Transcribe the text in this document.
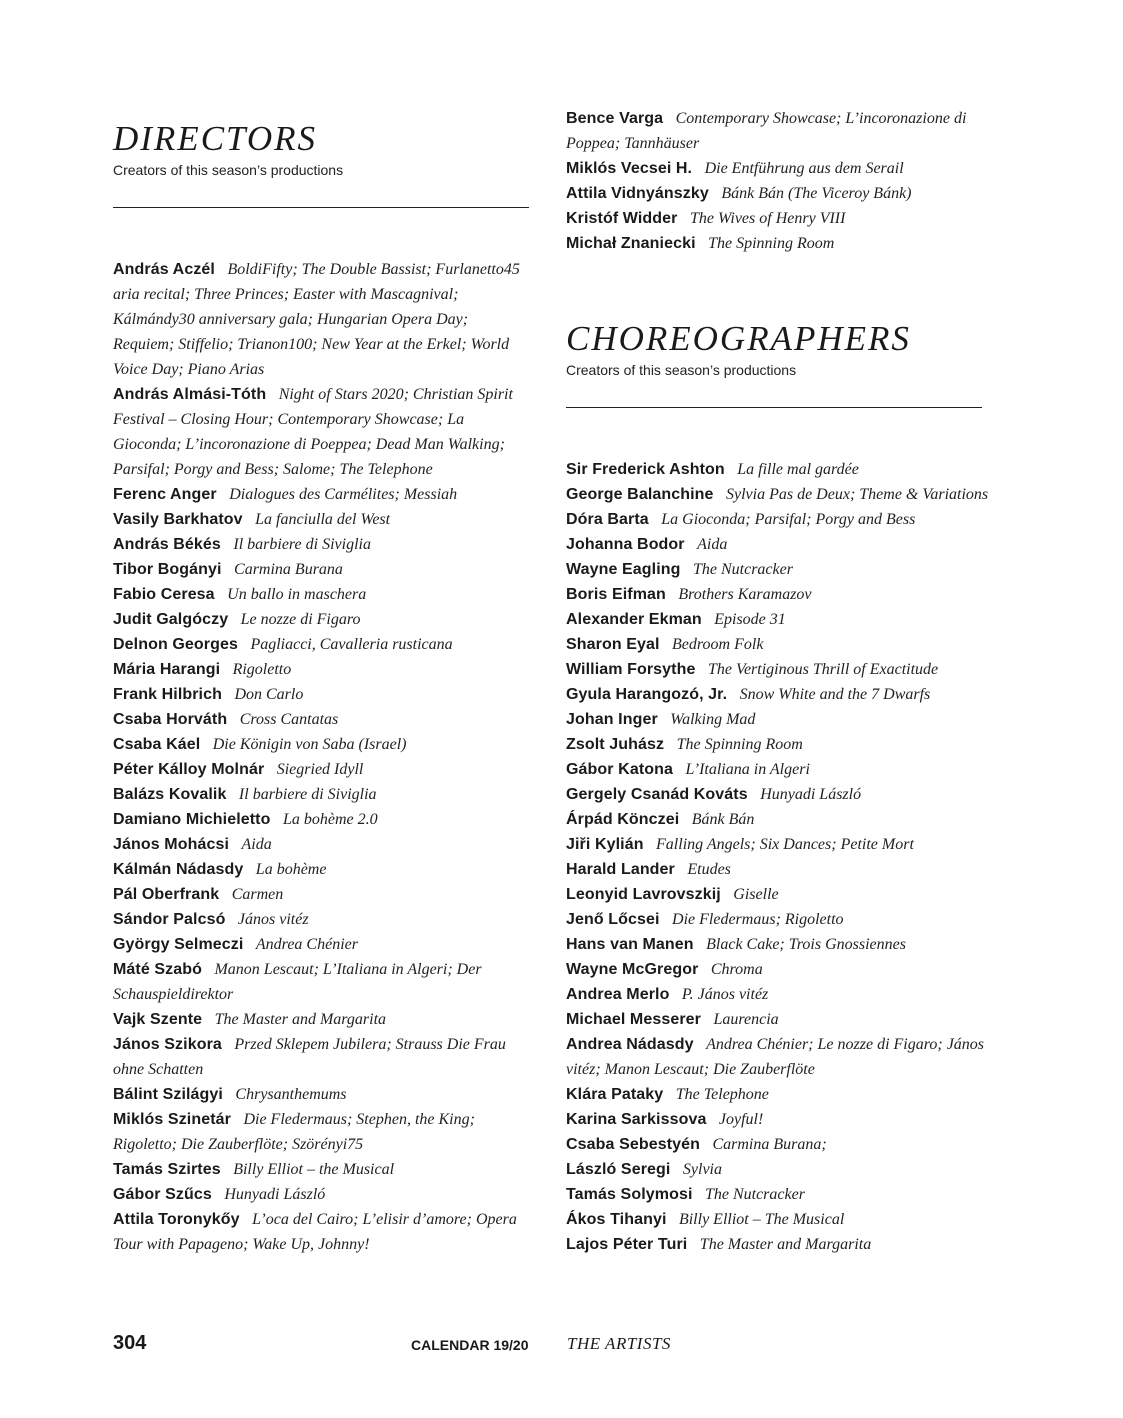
DIRECTORS
Creators of this season’s productions

András Aczél  BoldiFifty; The Double Bassist; Furlanetto45 aria recital; Three Princes; Easter with Mascagnival; Kálmándy30 anniversary gala; Hungarian Opera Day; Requiem; Stiffelio; Trianon100; New Year at the Erkel; World Voice Day; Piano Arias

András Almási-Tóth  Night of Stars 2020; Christian Spirit Festival – Closing Hour; Contemporary Showcase; La Gioconda; L’incoronazione di Poeppea; Dead Man Walking; Parsifal; Porgy and Bess; Salome; The Telephone

Ferenc Anger  Dialogues des Carmélites; Messiah

Vasily Barkhatov  La fanciulla del West

András Békés  Il barbiere di Siviglia

Tibor Bogányi  Carmina Burana

Fabio Ceresa  Un ballo in maschera

Judit Galgóczy  Le nozze di Figaro

Delnon Georges  Pagliacci, Cavalleria rusticana

Mária Harangi  Rigoletto

Frank Hilbrich  Don Carlo

Csaba Horváth  Cross Cantatas

Csaba Káel  Die Königin von Saba (Israel)

Péter Kálloy Molnár  Siegried Idyll

Balázs Kovalik  Il barbiere di Siviglia

Damiano Michieletto  La bohème 2.0

János Mohácsi  Aida

Kálmán Nádasdy  La bohème

Pál Oberfrank  Carmen

Sándor Palcsó  János vitéz

György Selmeczi  Andrea Chénier

Máté Szabó  Manon Lescaut; L’Italiana in Algeri; Der Schauspieldirektor

Vajk Szente  The Master and Margarita

János Szikora  Przed Sklepem Jubilera; Strauss Die Frau ohne Schatten

Bálint Szilágyi  Chrysanthemums

Miklós Szinetár  Die Fledermaus; Stephen, the King; Rigoletto; Die Zauberflöte; Szörényi75

Tamás Szirtes  Billy Elliot – the Musical

Gábor Szűcs  Hunyadi László

Attila Toronykőy  L’oca del Cairo; L’elisir d’amore; Opera Tour with Papageno; Wake Up, Johnny!

Bence Varga  Contemporary Showcase; L’incoronazione di Poppea; Tannhäuser

Miklós Vecsei H.  Die Entführung aus dem Serail

Attila Vidnyánszky  Bánk Bán (The Viceroy Bánk)

Kristóf Widder  The Wives of Henry VIII

Michał Znaniecki  The Spinning Room

CHOREOGRAPHERS
Creators of this season’s productions

Sir Frederick Ashton  La fille mal gardée

George Balanchine  Sylvia Pas de Deux; Theme & Variations

Dóra Barta  La Gioconda; Parsifal; Porgy and Bess

Johanna Bodor  Aida

Wayne Eagling  The Nutcracker

Boris Eifman  Brothers Karamazov

Alexander Ekman  Episode 31

Sharon Eyal  Bedroom Folk

William Forsythe  The Vertiginous Thrill of Exactitude

Gyula Harangozó, Jr.  Snow White and the 7 Dwarfs

Johan Inger  Walking Mad

Zsolt Juhász  The Spinning Room

Gábor Katona  L’Italiana in Algeri

Gergely Csanád Kováts  Hunyadi László

Árpád Könczei  Bánk Bán

Jiři Kylián  Falling Angels; Six Dances; Petite Mort

Harald Lander  Etudes

Leonyid Lavrovszkij  Giselle

Jenő Lőcsei  Die Fledermaus; Rigoletto

Hans van Manen  Black Cake; Trois Gnossiennes

Wayne McGregor  Chroma

Andrea Merlo  P. János vitéz

Michael Messerer  Laurencia

Andrea Nádasdy  Andrea Chénier; Le nozze di Figaro; János vitéz; Manon Lescaut; Die Zauberflöte

Klára Pataky  The Telephone

Karina Sarkissova  Joyful!

Csaba Sebestyén  Carmina Burana;

László Seregi  Sylvia

Tamás Solymosi  The Nutcracker

Ákos Tihanyi  Billy Elliot – The Musical

Lajos Péter Turi  The Master and Margarita

304	CALENDAR 19/20 THE ARTISTS
